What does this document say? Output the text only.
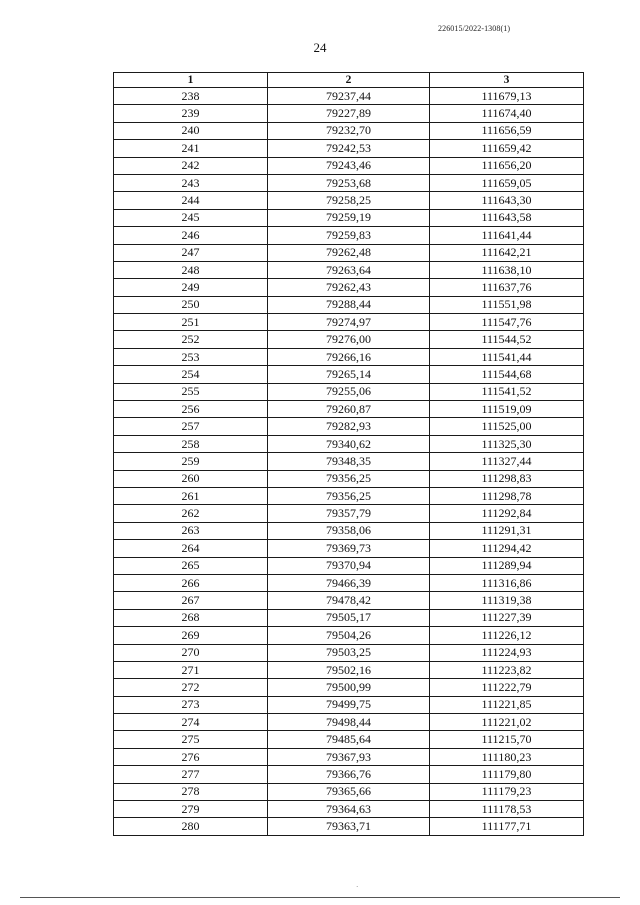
226015/2022-1308(1)
24
1	2	3
238	79237,44	111679,13
239	79227,89	111674,40
240	79232,70	111656,59
241	79242,53	111659,42
242	79243,46	111656,20
243	79253,68	111659,05
244	79258,25	111643,30
245	79259,19	111643,58
246	79259,83	111641,44
247	79262,48	111642,21
248	79263,64	111638,10
249	79262,43	111637,76
250	79288,44	111551,98
251	79274,97	111547,76
252	79276,00	111544,52
253	79266,16	111541,44
254	79265,14	111544,68
255	79255,06	111541,52
256	79260,87	111519,09
257	79282,93	111525,00
258	79340,62	111325,30
259	79348,35	111327,44
260	79356,25	111298,83
261	79356,25	111298,78
262	79357,79	111292,84
263	79358,06	111291,31
264	79369,73	111294,42
265	79370,94	111289,94
266	79466,39	111316,86
267	79478,42	111319,38
268	79505,17	111227,39
269	79504,26	111226,12
270	79503,25	111224,93
271	79502,16	111223,82
272	79500,99	111222,79
273	79499,75	111221,85
274	79498,44	111221,02
275	79485,64	111215,70
276	79367,93	111180,23
277	79366,76	111179,80
278	79365,66	111179,23
279	79364,63	111178,53
280	79363,71	111177,71
·
